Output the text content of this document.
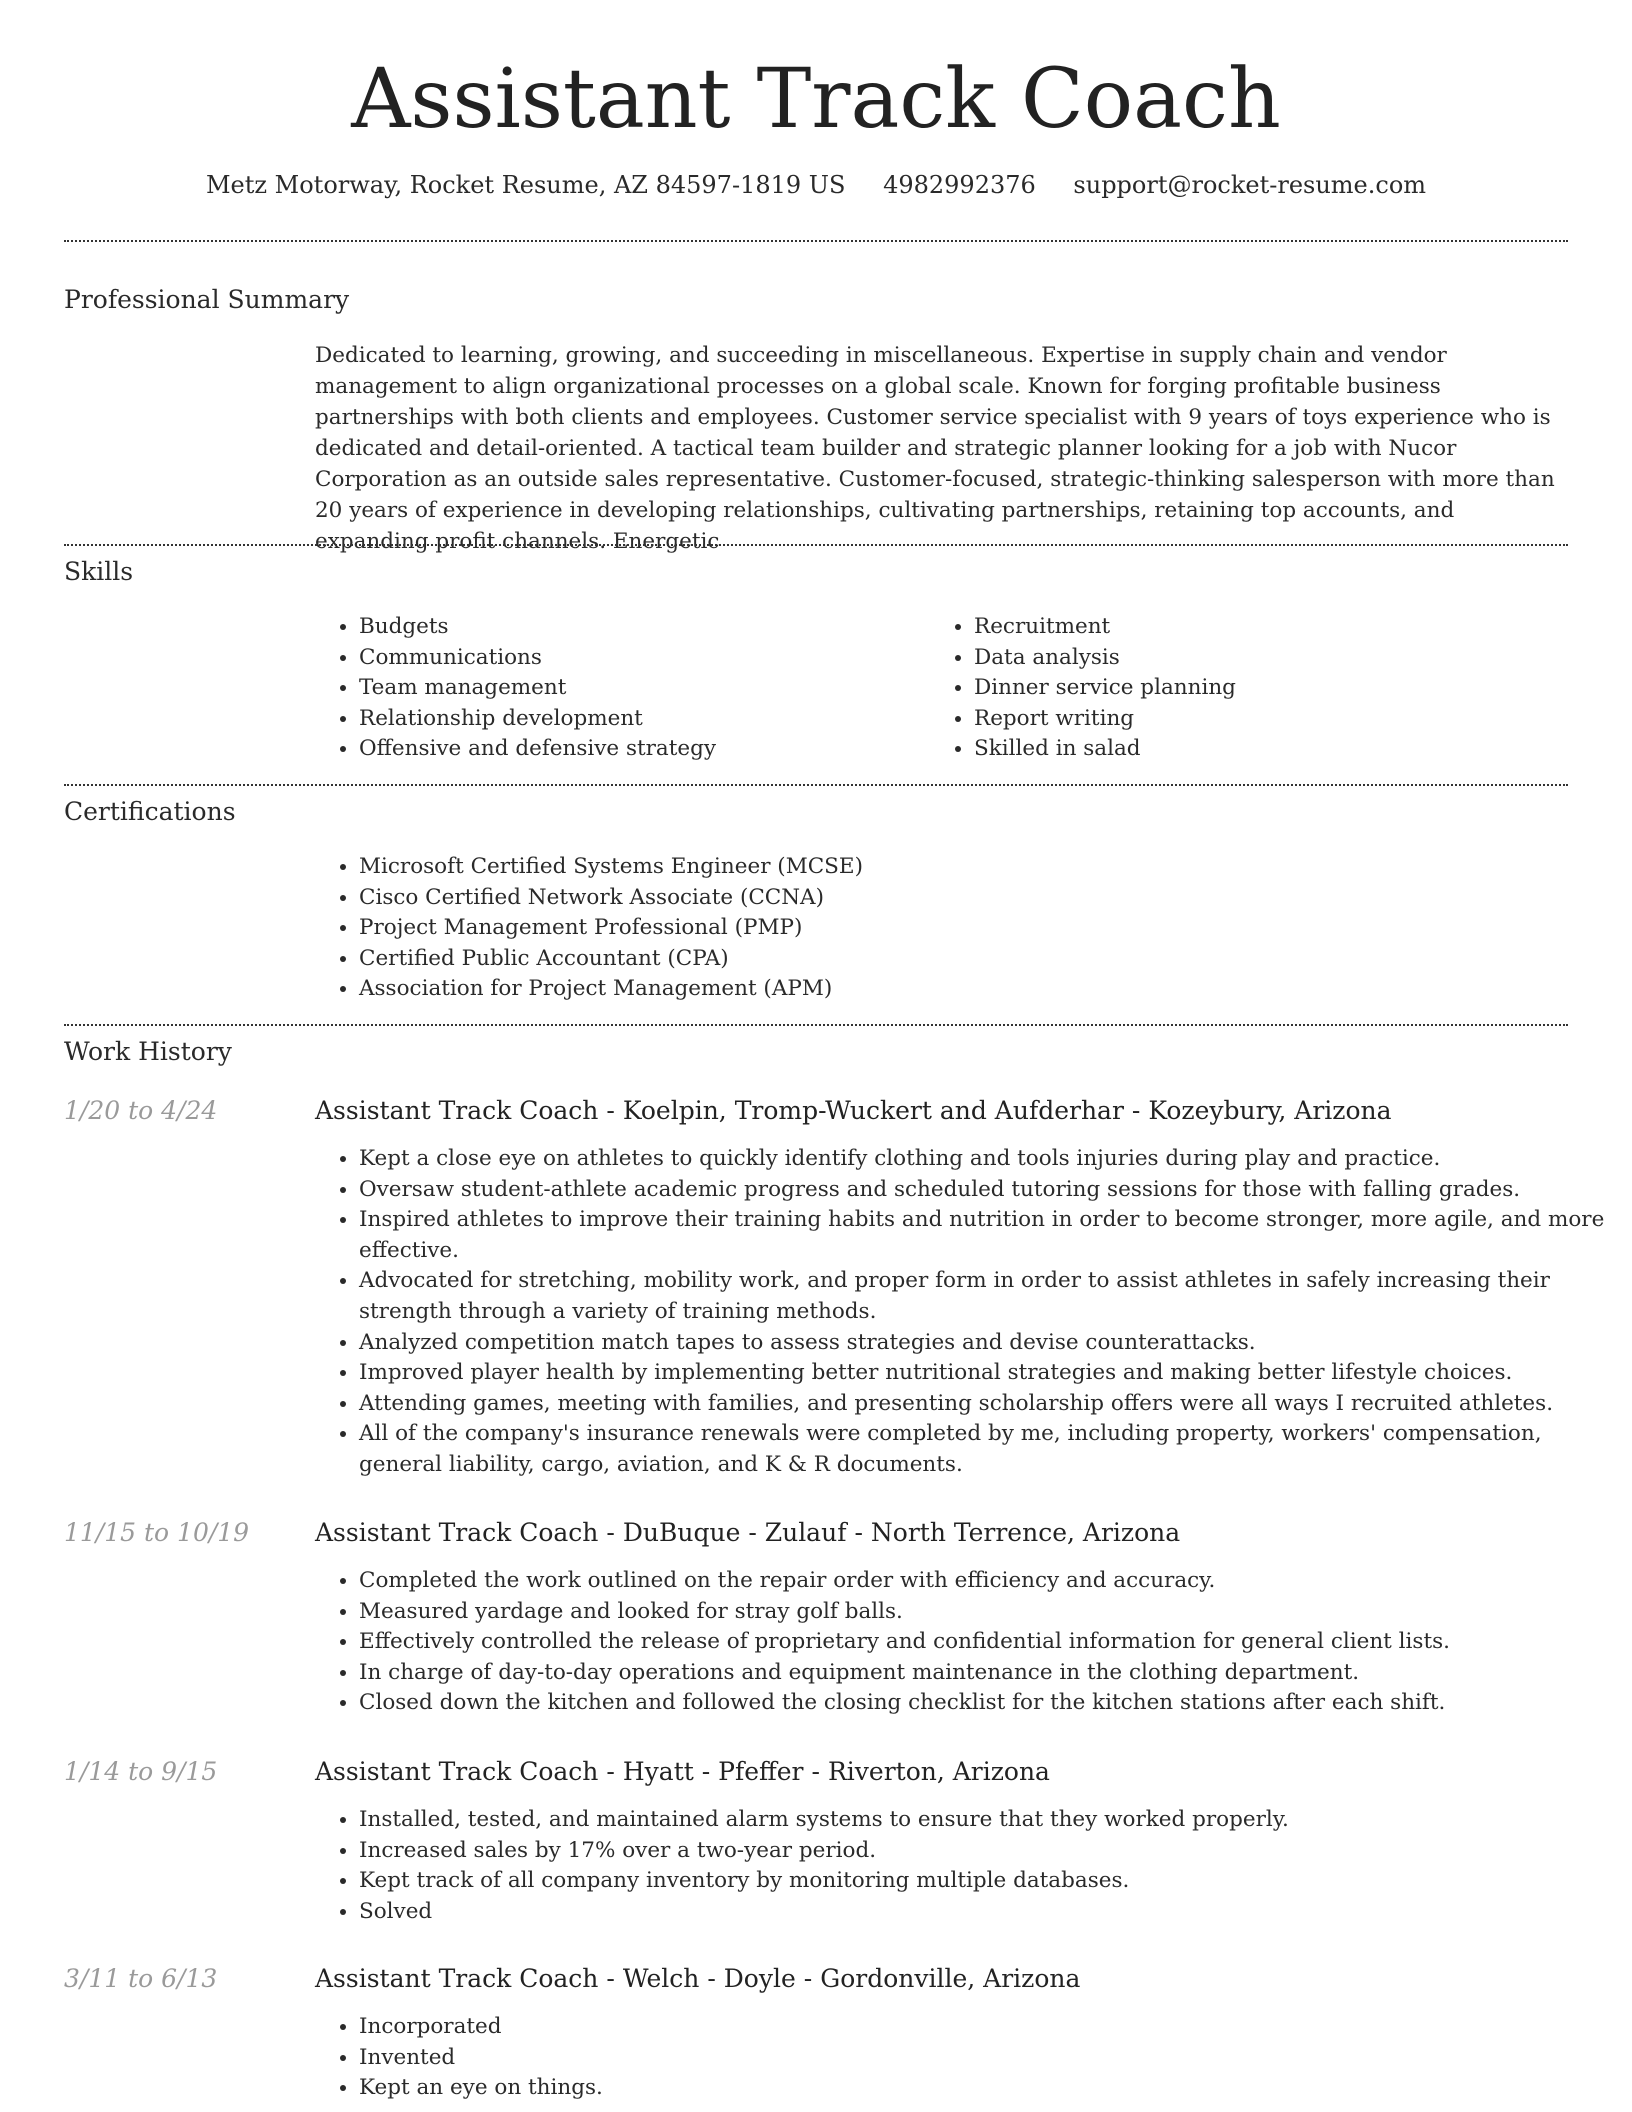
Assistant Track Coach
Metz Motorway, Rocket Resume, AZ 84597-1819 US 4982992376 support@rocket-resume.com
Professional Summary

Dedicated to learning, growing, and succeeding in miscellaneous. Expertise in supply chain and vendor management to align organizational processes on a global scale. Known for forging profitable business partnerships with both clients and employees. Customer service specialist with 9 years of toys experience who is dedicated and detail-oriented. A tactical team builder and strategic planner looking for a job with Nucor Corporation as an outside sales representative. Customer-focused, strategic-thinking salesperson with more than 20 years of experience in developing relationships, cultivating partnerships, retaining top accounts, and expanding profit channels. Energetic

Skills
• Budgets
• Communications
• Team management
• Relationship development
• Offensive and defensive strategy
• Recruitment
• Data analysis
• Dinner service planning
• Report writing
• Skilled in salad
Certifications
• Microsoft Certified Systems Engineer (MCSE)
• Cisco Certified Network Associate (CCNA)
• Project Management Professional (PMP)
• Certified Public Accountant (CPA)
• Association for Project Management (APM)
Work History
1/20 to 4/24	Assistant Track Coach - Koelpin, Tromp-Wuckert and Aufderhar - Kozeybury, Arizona
• Kept a close eye on athletes to quickly identify clothing and tools injuries during play and practice.
• Oversaw student-athlete academic progress and scheduled tutoring sessions for those with falling grades.
• Inspired athletes to improve their training habits and nutrition in order to become stronger, more agile, and more effective.
• Advocated for stretching, mobility work, and proper form in order to assist athletes in safely increasing their strength through a variety of training methods.
• Analyzed competition match tapes to assess strategies and devise counterattacks.
• Improved player health by implementing better nutritional strategies and making better lifestyle choices.
• Attending games, meeting with families, and presenting scholarship offers were all ways I recruited athletes.
• All of the company's insurance renewals were completed by me, including property, workers' compensation, general liability, cargo, aviation, and K & R documents.
11/15 to 10/19	Assistant Track Coach - DuBuque - Zulauf - North Terrence, Arizona
• Completed the work outlined on the repair order with efficiency and accuracy.
• Measured yardage and looked for stray golf balls.
• Effectively controlled the release of proprietary and confidential information for general client lists.
• In charge of day-to-day operations and equipment maintenance in the clothing department.
• Closed down the kitchen and followed the closing checklist for the kitchen stations after each shift.
1/14 to 9/15	Assistant Track Coach - Hyatt - Pfeffer - Riverton, Arizona
• Installed, tested, and maintained alarm systems to ensure that they worked properly.
• Increased sales by 17% over a two-year period.
• Kept track of all company inventory by monitoring multiple databases.
• Solved
3/11 to 6/13	Assistant Track Coach - Welch - Doyle - Gordonville, Arizona
• Incorporated
• Invented
• Kept an eye on things.
